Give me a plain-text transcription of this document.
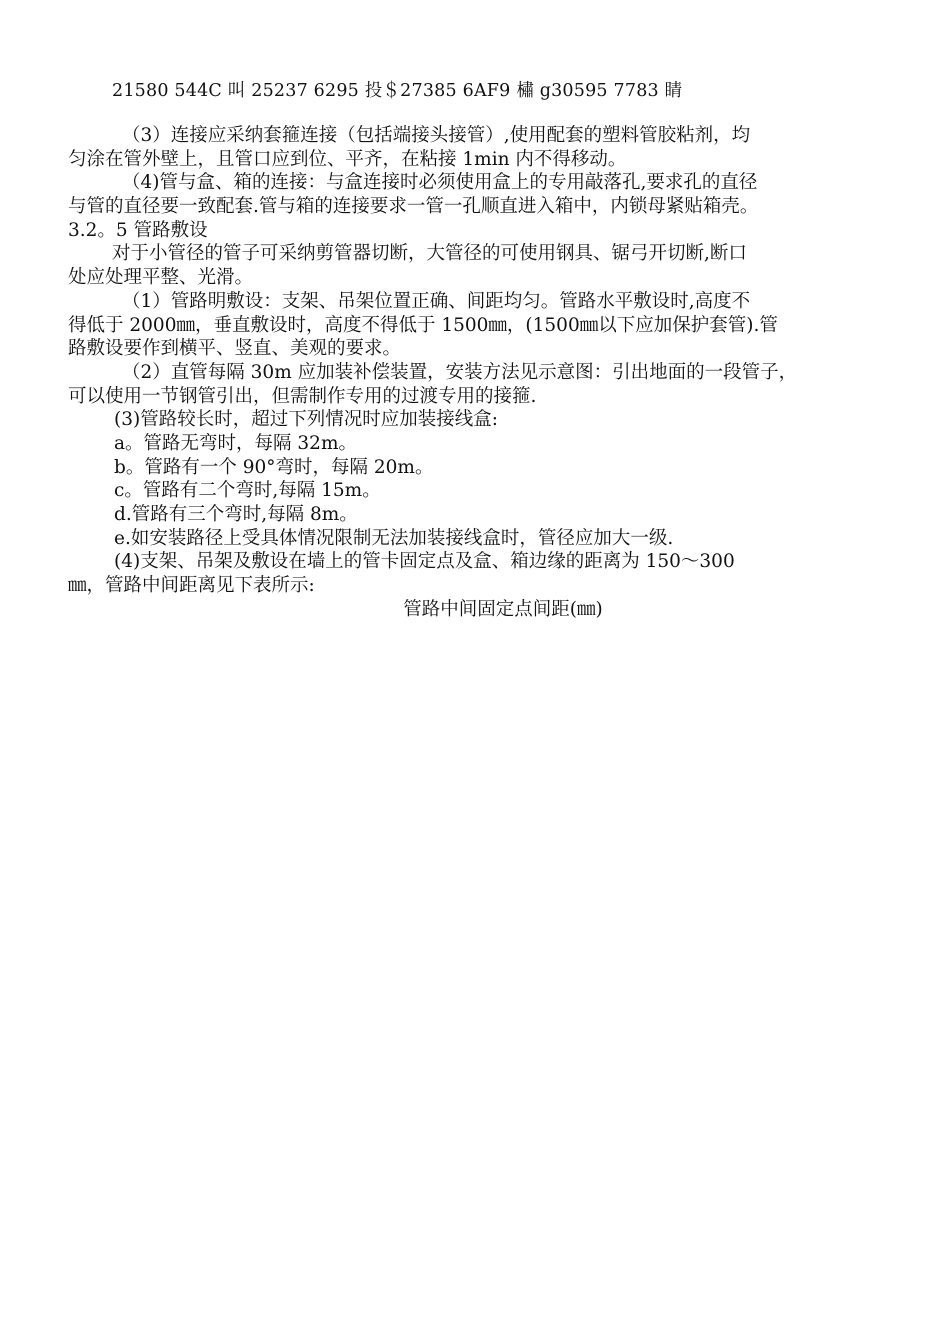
21580 544C 叫 25237 6295 投＄27385 6AF9 橚 g30595 7783 睛
（3）连接应采纳套箍连接（包括端接头接管）,使用配套的塑料管胶粘剂，均
匀涂在管外壁上，且管口应到位、平齐，在粘接 1min 内不得移动。
（4)管与盒、箱的连接：与盒连接时必须使用盒上的专用敲落孔,要求孔的直径
与管的直径要一致配套.管与箱的连接要求一管一孔顺直进入箱中，内锁母紧贴箱壳。
3.2。5 管路敷设
对于小管径的管子可采纳剪管器切断，大管径的可使用钢具、锯弓开切断,断口
处应处理平整、光滑。
（1）管路明敷设：支架、吊架位置正确、间距均匀。管路水平敷设时,高度不
得低于 2000㎜，垂直敷设时，高度不得低于 1500㎜，(1500㎜以下应加保护套管).管
路敷设要作到横平、竖直、美观的要求。
（2）直管每隔 30m 应加装补偿装置，安装方法见示意图：引出地面的一段管子，
可以使用一节钢管引出，但需制作专用的过渡专用的接箍.
(3)管路较长时，超过下列情况时应加装接线盒:
a。管路无弯时，每隔 32m。
b。管路有一个 90°弯时，每隔 20m。
c。管路有二个弯时,每隔 15m。
d.管路有三个弯时,每隔 8m。
e.如安装路径上受具体情况限制无法加装接线盒时，管径应加大一级.
(4)支架、吊架及敷设在墙上的管卡固定点及盒、箱边缘的距离为 150～300
㎜，管路中间距离见下表所示:
管路中间固定点间距(㎜)
